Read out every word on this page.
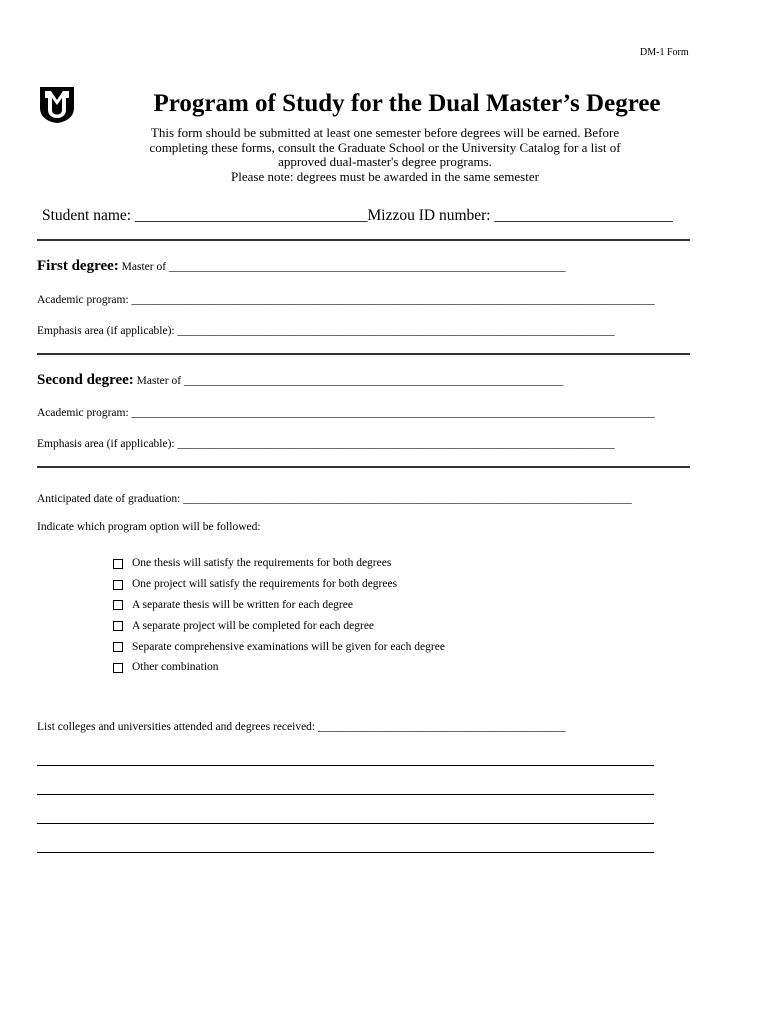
DM-1 Form
Program of Study for the Dual Master’s Degree
This form should be submitted at least one semester before degrees will be earned. Before
completing these forms, consult the Graduate School or the University Catalog for a list of
approved dual-master's degree programs.
Please note: degrees must be awarded in the same semester
Student name: ______________________________Mizzou ID number: _______________________
First degree: Master of _____________________________________________________________________
Academic program: ___________________________________________________________________________________________
Emphasis area (if applicable): ____________________________________________________________________________
Second degree: Master of __________________________________________________________________
Academic program: ___________________________________________________________________________________________
Emphasis area (if applicable): ____________________________________________________________________________
Anticipated date of graduation: ______________________________________________________________________________
Indicate which program option will be followed:
One thesis will satisfy the requirements for both degrees
One project will satisfy the requirements for both degrees
A separate thesis will be written for each degree
A separate project will be completed for each degree
Separate comprehensive examinations will be given for each degree
Other combination
List colleges and universities attended and degrees received: ___________________________________________
